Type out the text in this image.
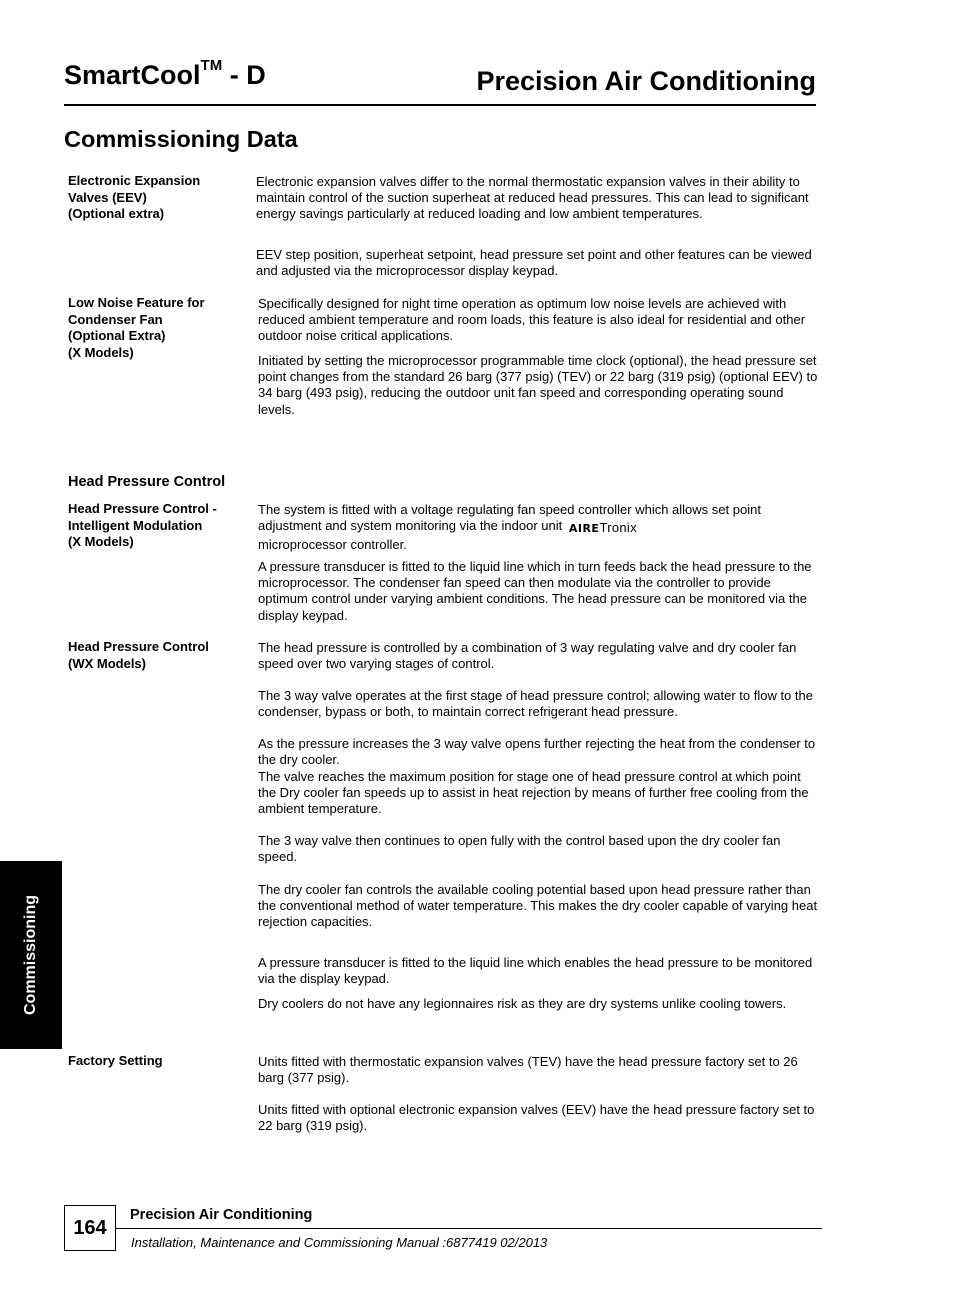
SmartCool™ - D	Precision Air Conditioning
Commissioning Data
Electronic Expansion
Valves (EEV)
(Optional extra)
Electronic expansion valves differ to the normal thermostatic expansion valves in their ability to maintain control of the suction superheat at reduced head pressures. This can lead to significant energy savings particularly at reduced loading and low ambient temperatures.
EEV step position, superheat setpoint, head pressure set point and other features can be viewed and adjusted via the microprocessor display keypad.
Low Noise Feature for
Condenser Fan
(Optional Extra)
(X Models)
Specifically designed for night time operation as optimum low noise levels are achieved with reduced ambient temperature and room loads, this feature is also ideal for residential and other outdoor noise critical applications.
Initiated by setting the microprocessor programmable time clock (optional), the head pressure set point changes from the standard 26 barg (377 psig) (TEV) or 22 barg (319 psig) (optional EEV) to 34 barg (493 psig), reducing the outdoor unit fan speed and corresponding operating sound levels.
Head Pressure Control
Head Pressure Control -
Intelligent Modulation
(X Models)
The system is fitted with a voltage regulating fan speed controller which allows set point adjustment and system monitoring via the indoor unit AIRETronix
microprocessor controller.
A pressure transducer is fitted to the liquid line which in turn feeds back the head pressure to the microprocessor. The condenser fan speed can then modulate via the controller to provide optimum control under varying ambient conditions. The head pressure can be monitored via the display keypad.
Head Pressure Control
(WX Models)
The head pressure is controlled by a combination of 3 way regulating valve and dry cooler fan speed over two varying stages of control.
The 3 way valve operates at the first stage of head pressure control; allowing water to flow to the condenser, bypass or both, to maintain correct refrigerant head pressure.
As the pressure increases the 3 way valve opens further rejecting the heat from the condenser to the dry cooler.
The valve reaches the maximum position for stage one of head pressure control at which point the Dry cooler fan speeds up to assist in heat rejection by means of further free cooling from the ambient temperature.
The 3 way valve then continues to open fully with the control based upon the dry cooler fan speed.
The dry cooler fan controls the available cooling potential based upon head pressure rather than the conventional method of water temperature. This makes the dry cooler capable of varying heat rejection capacities.
A pressure transducer is fitted to the liquid line which enables the head pressure to be monitored via the display keypad.
Dry coolers do not have any legionnaires risk as they are dry systems unlike cooling towers.
Factory Setting	Units fitted with thermostatic expansion valves (TEV) have the head pressure factory set to 26 barg (377 psig).
Units fitted with optional electronic expansion valves (EEV) have the head pressure factory set to 22 barg (319 psig).
Commissioning
164
Precision Air Conditioning
Installation, Maintenance and Commissioning Manual :6877419 02/2013
